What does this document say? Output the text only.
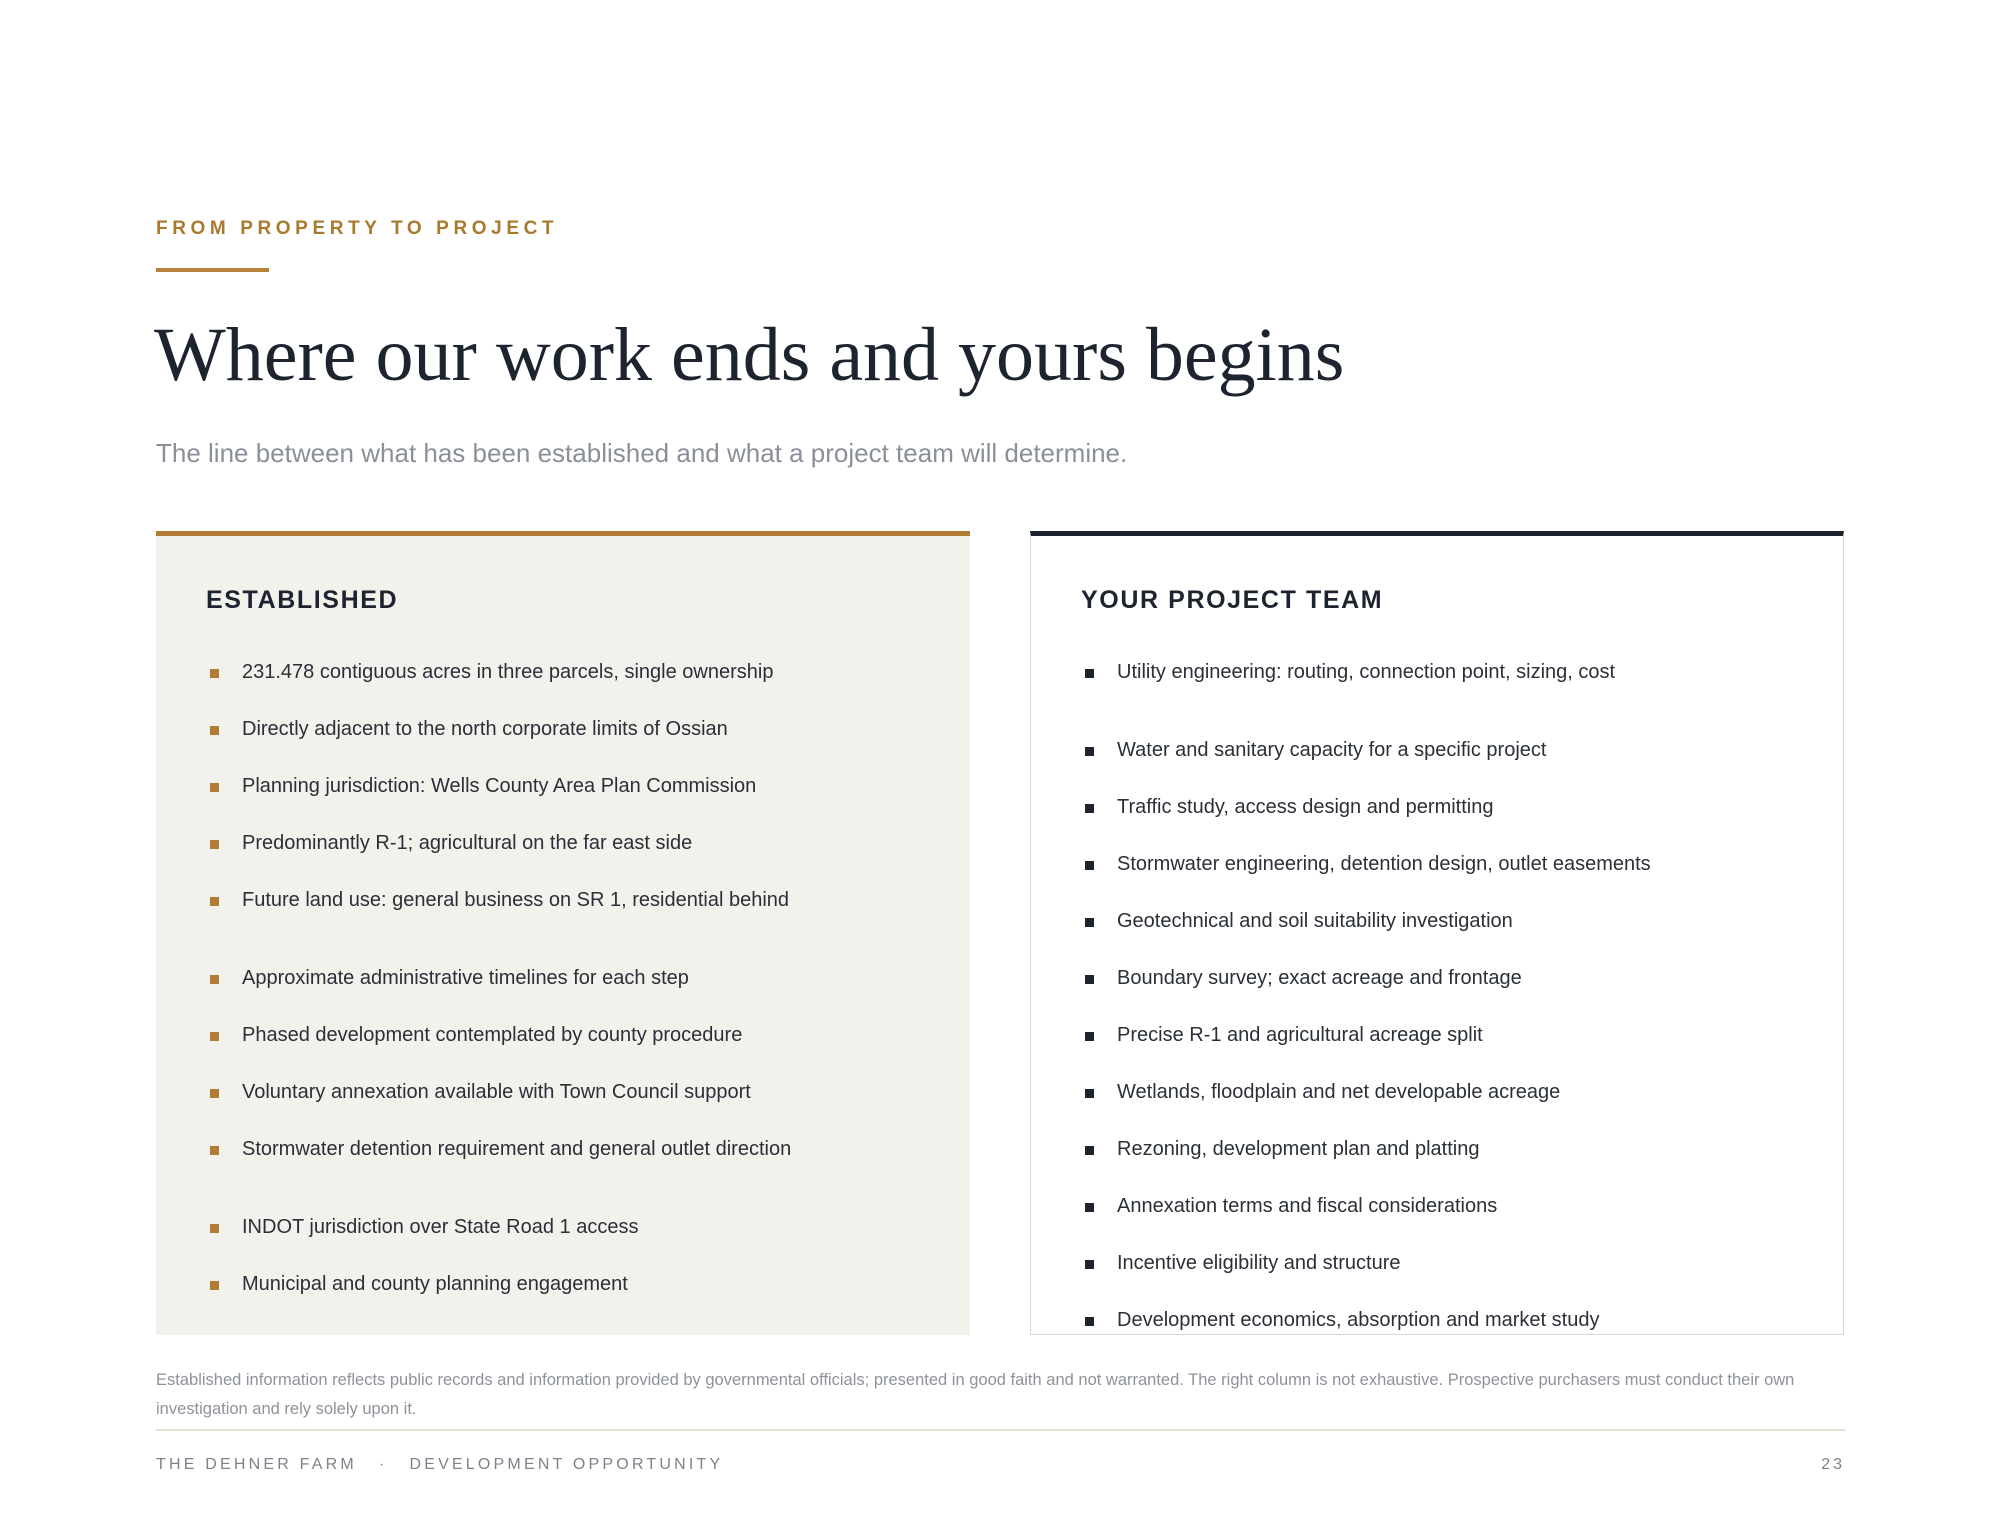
FROM PROPERTY TO PROJECT
Where our work ends and yours begins
The line between what has been established and what a project team will determine.
ESTABLISHED
231.478 contiguous acres in three parcels, single ownership
Directly adjacent to the north corporate limits of Ossian
Planning jurisdiction: Wells County Area Plan Commission
Predominantly R-1; agricultural on the far east side
Future land use: general business on SR 1, residential behind
Approximate administrative timelines for each step
Phased development contemplated by county procedure
Voluntary annexation available with Town Council support
Stormwater detention requirement and general outlet direction
INDOT jurisdiction over State Road 1 access
Municipal and county planning engagement
YOUR PROJECT TEAM
Utility engineering: routing, connection point, sizing, cost
Water and sanitary capacity for a specific project
Traffic study, access design and permitting
Stormwater engineering, detention design, outlet easements
Geotechnical and soil suitability investigation
Boundary survey; exact acreage and frontage
Precise R-1 and agricultural acreage split
Wetlands, floodplain and net developable acreage
Rezoning, development plan and platting
Annexation terms and fiscal considerations
Incentive eligibility and structure
Development economics, absorption and market study
Established information reflects public records and information provided by governmental officials; presented in good faith and not warranted. The right column is not exhaustive. Prospective purchasers must conduct their own investigation and rely solely upon it.
THE DEHNER FARM · DEVELOPMENT OPPORTUNITY	23
